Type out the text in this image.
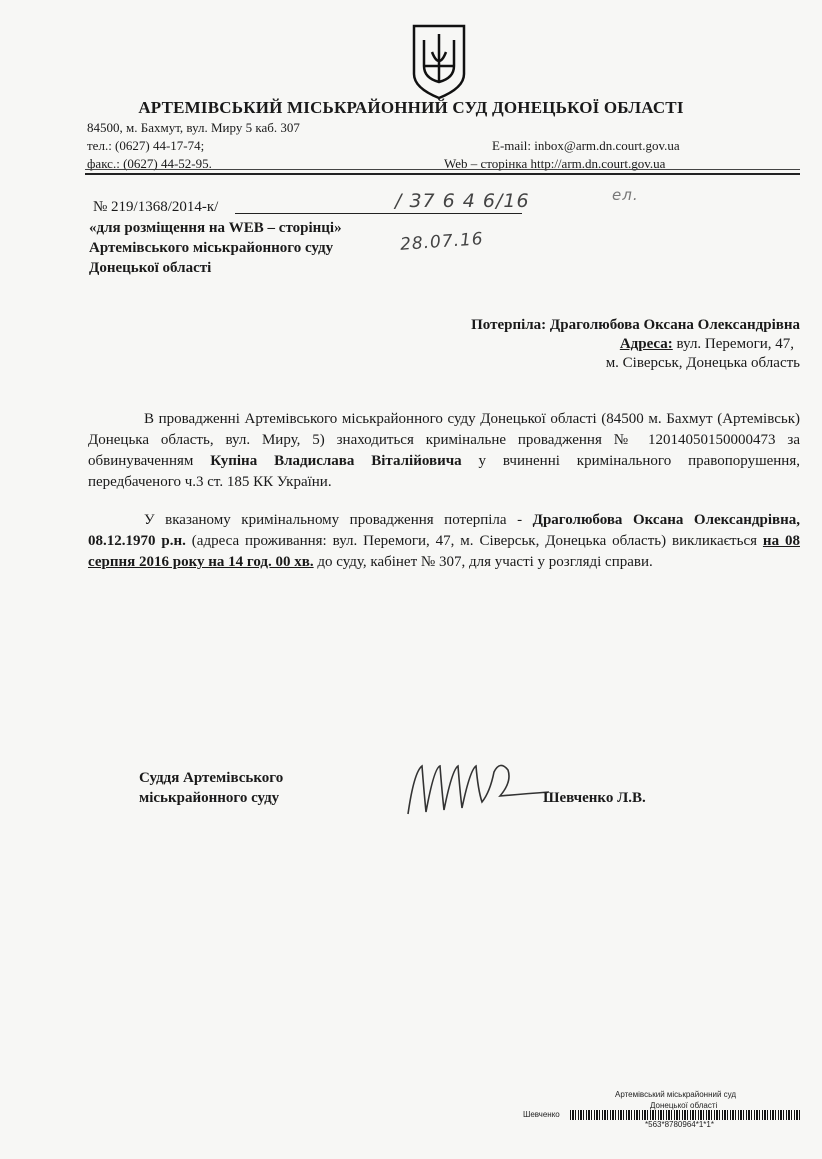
АРТЕМІВСЬКИЙ МІСЬКРАЙОННИЙ СУД ДОНЕЦЬКОЇ ОБЛАСТІ
84500, м. Бахмут, вул. Миру 5 каб. 307
тел.: (0627) 44-17-74;
факс.: (0627) 44-52-95.
E-mail: inbox@arm.dn.court.gov.ua
Web – сторінка http://arm.dn.court.gov.ua
№ 219/1368/2014-к/
«для розміщення на WEB – сторінці»
Артемівського міськрайонного суду
Донецької області
/ 37 6 4 6/16
28.07.16
ел.
Потерпіла: Драголюбова Оксана Олександрівна
Адреса: вул. Перемоги, 47,
м. Сіверськ, Донецька область
В провадженні Артемівського міськрайонного суду Донецької області (84500 м. Бахмут (Артемівськ) Донецька область, вул. Миру, 5) знаходиться кримінальне провадження № 12014050150000473 за обвинуваченням Купіна Владислава Віталійовича у вчиненні кримінального правопорушення, передбаченого ч.3 ст. 185 КК України.
У вказаному кримінальному провадження потерпіла - Драголюбова Оксана Олександрівна, 08.12.1970 р.н. (адреса проживання: вул. Перемоги, 47, м. Сіверськ, Донецька область) викликається на 08 серпня 2016 року на 14 год. 00 хв. до суду, кабінет № 307, для участі у розгляді справи.
Суддя Артемівського
міськрайонного суду	Шевченко Л.В.
Артемівський міськрайонний суд
Донецької області
Шевченко
*563*8780964*1*1*
